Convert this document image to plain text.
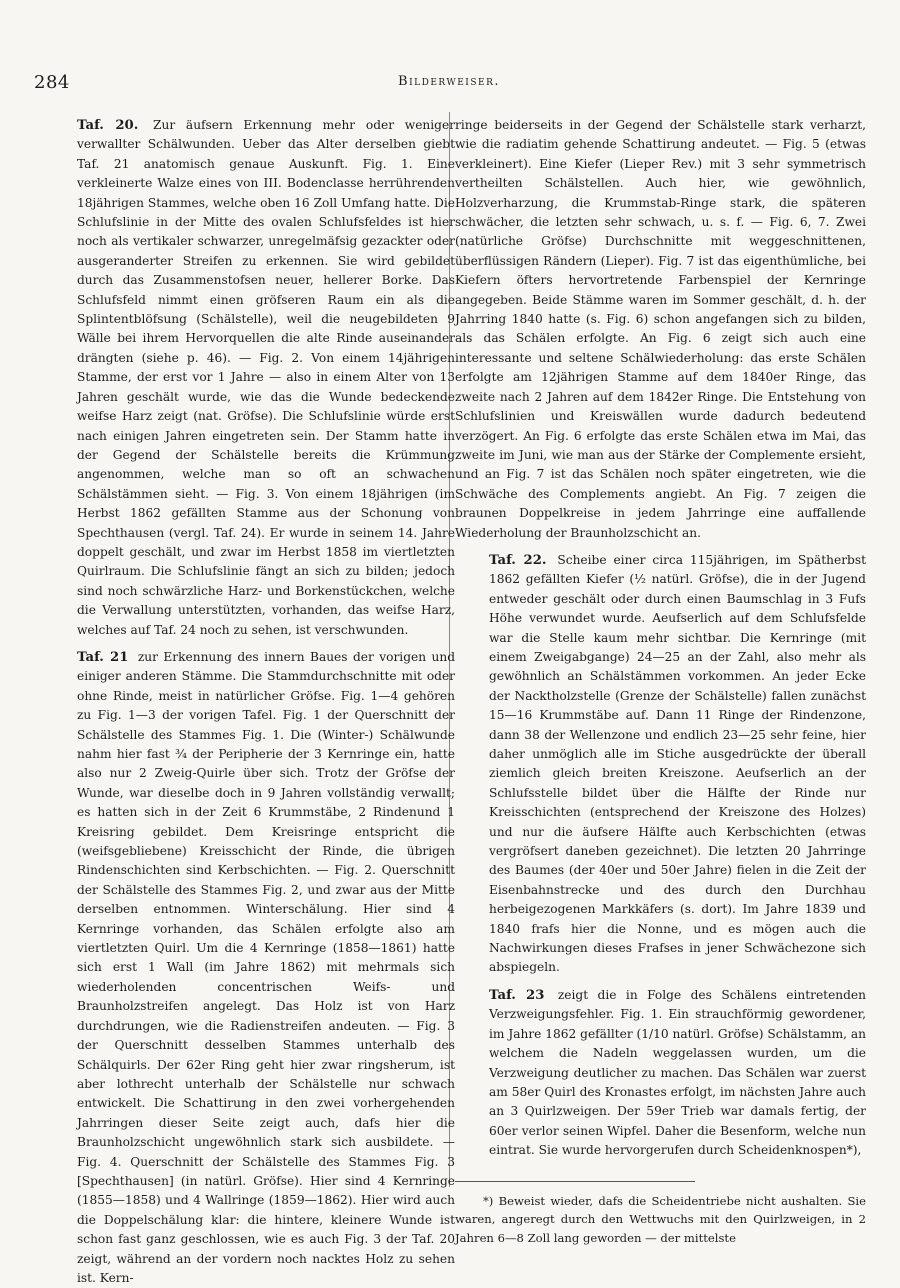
284	Bilderweiser.

Taf. 20. Zur äufsern Erkennung mehr oder weniger verwallter Schälwunden. Ueber das Alter derselben giebt Taf. 21 anatomisch genaue Auskunft. Fig. 1. Eine verkleinerte Walze eines von III. Bodenclasse herrührenden 18jährigen Stammes, welche oben 16 Zoll Umfang hatte. Die Schlufslinie in der Mitte des ovalen Schlufsfeldes ist hier noch als vertikaler schwarzer, unregelmäfsig gezackter oder ausgeranderter Streifen zu erkennen. Sie wird gebildet durch das Zusammenstofsen neuer, hellerer Borke. Das Schlufsfeld nimmt einen gröfseren Raum ein als die Splintentblöfsung (Schälstelle), weil die neugebildeten 9 Wälle bei ihrem Hervorquellen die alte Rinde auseinander drängten (siehe p. 46). — Fig. 2. Von einem 14jährigen Stamme, der erst vor 1 Jahre — also in einem Alter von 13 Jahren geschält wurde, wie das die Wunde bedeckende weifse Harz zeigt (nat. Gröfse). Die Schlufslinie würde erst nach einigen Jahren eingetreten sein. Der Stamm hatte in der Gegend der Schälstelle bereits die Krümmung angenommen, welche man so oft an schwachen Schälstämmen sieht. — Fig. 3. Von einem 18jährigen (im Herbst 1862 gefällten Stamme aus der Schonung von Spechthausen (vergl. Taf. 24). Er wurde in seinem 14. Jahre doppelt geschält, und zwar im Herbst 1858 im viertletzten Quirlraum. Die Schlufslinie fängt an sich zu bilden; jedoch sind noch schwärzliche Harz- und Borkenstückchen, welche die Verwallung unterstützten, vorhanden, das weifse Harz, welches auf Taf. 24 noch zu sehen, ist verschwunden.

Taf. 21 zur Erkennung des innern Baues der vorigen und einiger anderen Stämme. Die Stammdurchschnitte mit oder ohne Rinde, meist in natürlicher Gröfse. Fig. 1—4 gehören zu Fig. 1—3 der vorigen Tafel. Fig. 1 der Querschnitt der Schälstelle des Stammes Fig. 1. Die (Winter-) Schälwunde nahm hier fast ¾ der Peripherie der 3 Kernringe ein, hatte also nur 2 Zweig-Quirle über sich. Trotz der Gröfse der Wunde, war dieselbe doch in 9 Jahren vollständig verwallt; es hatten sich in der Zeit 6 Krummstäbe, 2 Rindenund 1 Kreisring gebildet. Dem Kreisringe entspricht die (weifsgebliebene) Kreisschicht der Rinde, die übrigen Rindenschichten sind Kerbschichten. — Fig. 2. Querschnitt der Schälstelle des Stammes Fig. 2, und zwar aus der Mitte derselben entnommen. Winterschälung. Hier sind 4 Kernringe vorhanden, das Schälen erfolgte also am viertletzten Quirl. Um die 4 Kernringe (1858—1861) hatte sich erst 1 Wall (im Jahre 1862) mit mehrmals sich wiederholenden concentrischen Weifs- und Braunholzstreifen angelegt. Das Holz ist von Harz durchdrungen, wie die Radienstreifen andeuten. — Fig. 3 der Querschnitt desselben Stammes unterhalb des Schälquirls. Der 62er Ring geht hier zwar ringsherum, ist aber lothrecht unterhalb der Schälstelle nur schwach entwickelt. Die Schattirung in den zwei vorhergehenden Jahrringen dieser Seite zeigt auch, dafs hier die Braunholzschicht ungewöhnlich stark sich ausbildete. — Fig. 4. Querschnitt der Schälstelle des Stammes Fig. 3 [Spechthausen] (in natürl. Gröfse). Hier sind 4 Kernringe (1855—1858) und 4 Wallringe (1859—1862). Hier wird auch die Doppelschälung klar: die hintere, kleinere Wunde ist schon fast ganz geschlossen, wie es auch Fig. 3 der Taf. 20 zeigt, während an der vordern noch nacktes Holz zu sehen ist. Kern-

ringe beiderseits in der Gegend der Schälstelle stark verharzt, wie die radiatim gehende Schattirung andeutet. — Fig. 5 (etwas verkleinert). Eine Kiefer (Lieper Rev.) mit 3 sehr symmetrisch vertheilten Schälstellen. Auch hier, wie gewöhnlich, Holzverharzung, die Krummstab-Ringe stark, die späteren schwächer, die letzten sehr schwach, u. s. f. — Fig. 6, 7. Zwei (natürliche Gröfse) Durchschnitte mit weggeschnittenen, überflüssigen Rändern (Lieper). Fig. 7 ist das eigenthümliche, bei Kiefern öfters hervortretende Farbenspiel der Kernringe angegeben. Beide Stämme waren im Sommer geschält, d. h. der Jahrring 1840 hatte (s. Fig. 6) schon angefangen sich zu bilden, als das Schälen erfolgte. An Fig. 6 zeigt sich auch eine interessante und seltene Schälwiederholung: das erste Schälen erfolgte am 12jährigen Stamme auf dem 1840er Ringe, das zweite nach 2 Jahren auf dem 1842er Ringe. Die Entstehung von Schlufslinien und Kreiswällen wurde dadurch bedeutend verzögert. An Fig. 6 erfolgte das erste Schälen etwa im Mai, das zweite im Juni, wie man aus der Stärke der Complemente ersieht, und an Fig. 7 ist das Schälen noch später eingetreten, wie die Schwäche des Complements angiebt. An Fig. 7 zeigen die braunen Doppelkreise in jedem Jahrringe eine auffallende Wiederholung der Braunholzschicht an.

Taf. 22. Scheibe einer circa 115jährigen, im Spätherbst 1862 gefällten Kiefer (½ natürl. Gröfse), die in der Jugend entweder geschält oder durch einen Baumschlag in 3 Fufs Höhe verwundet wurde. Aeufserlich auf dem Schlufsfelde war die Stelle kaum mehr sichtbar. Die Kernringe (mit einem Zweigabgange) 24—25 an der Zahl, also mehr als gewöhnlich an Schälstämmen vorkommen. An jeder Ecke der Nacktholzstelle (Grenze der Schälstelle) fallen zunächst 15—16 Krummstäbe auf. Dann 11 Ringe der Rindenzone, dann 38 der Wellenzone und endlich 23—25 sehr feine, hier daher unmöglich alle im Stiche ausgedrückte der überall ziemlich gleich breiten Kreiszone. Aeufserlich an der Schlufsstelle bildet über die Hälfte der Rinde nur Kreisschichten (entsprechend der Kreiszone des Holzes) und nur die äufsere Hälfte auch Kerbschichten (etwas vergröfsert daneben gezeichnet). Die letzten 20 Jahrringe des Baumes (der 40er und 50er Jahre) fielen in die Zeit der Eisenbahnstrecke und des durch den Durchhau herbeigezogenen Markkäfers (s. dort). Im Jahre 1839 und 1840 frafs hier die Nonne, und es mögen auch die Nachwirkungen dieses Frafses in jener Schwächezone sich abspiegeln.

Taf. 23 zeigt die in Folge des Schälens eintretenden Verzweigungsfehler. Fig. 1. Ein strauchförmig gewordener, im Jahre 1862 gefällter (1/10 natürl. Gröfse) Schälstamm, an welchem die Nadeln weggelassen wurden, um die Verzweigung deutlicher zu machen. Das Schälen war zuerst am 58er Quirl des Kronastes erfolgt, im nächsten Jahre auch an 3 Quirlzweigen. Der 59er Trieb war damals fertig, der 60er verlor seinen Wipfel. Daher die Besenform, welche nun eintrat. Sie wurde hervorgerufen durch Scheidenknospen*),

*) Beweist wieder, dafs die Scheidentriebe nicht aushalten. Sie waren, angeregt durch den Wettwuchs mit den Quirlzweigen, in 2 Jahren 6—8 Zoll lang geworden — der mittelste
